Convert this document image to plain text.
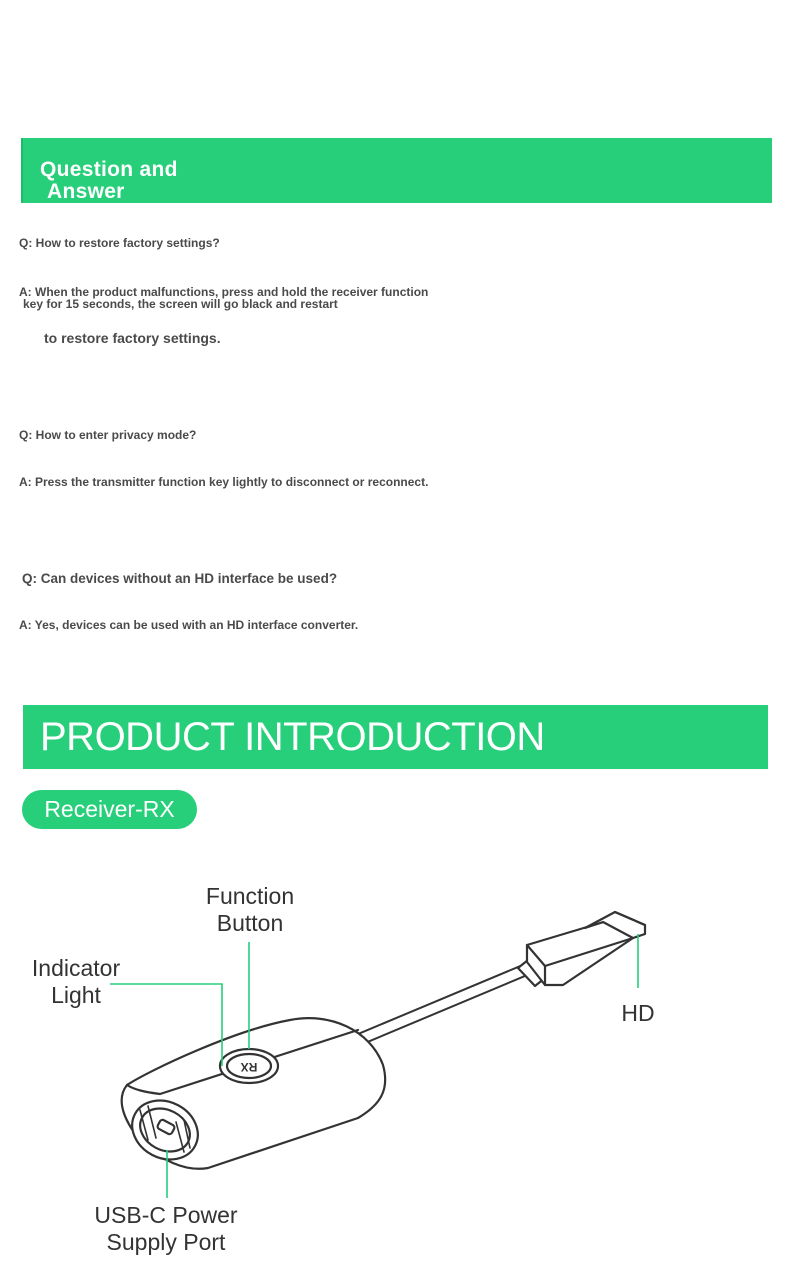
Question and
Answer
Q: How to restore factory settings?
A: When the product malfunctions, press and hold the receiver function
key for 15 seconds, the screen will go black and restart
to restore factory settings.
Q: How to enter privacy mode?
A: Press the transmitter function key lightly to disconnect or reconnect.
Q: Can devices without an HD interface be used?
A: Yes, devices can be used with an HD interface converter.
PRODUCT INTRODUCTION
Receiver-RX
RX
Function
Button
Indicator
Light
HD
USB-C Power
Supply Port
